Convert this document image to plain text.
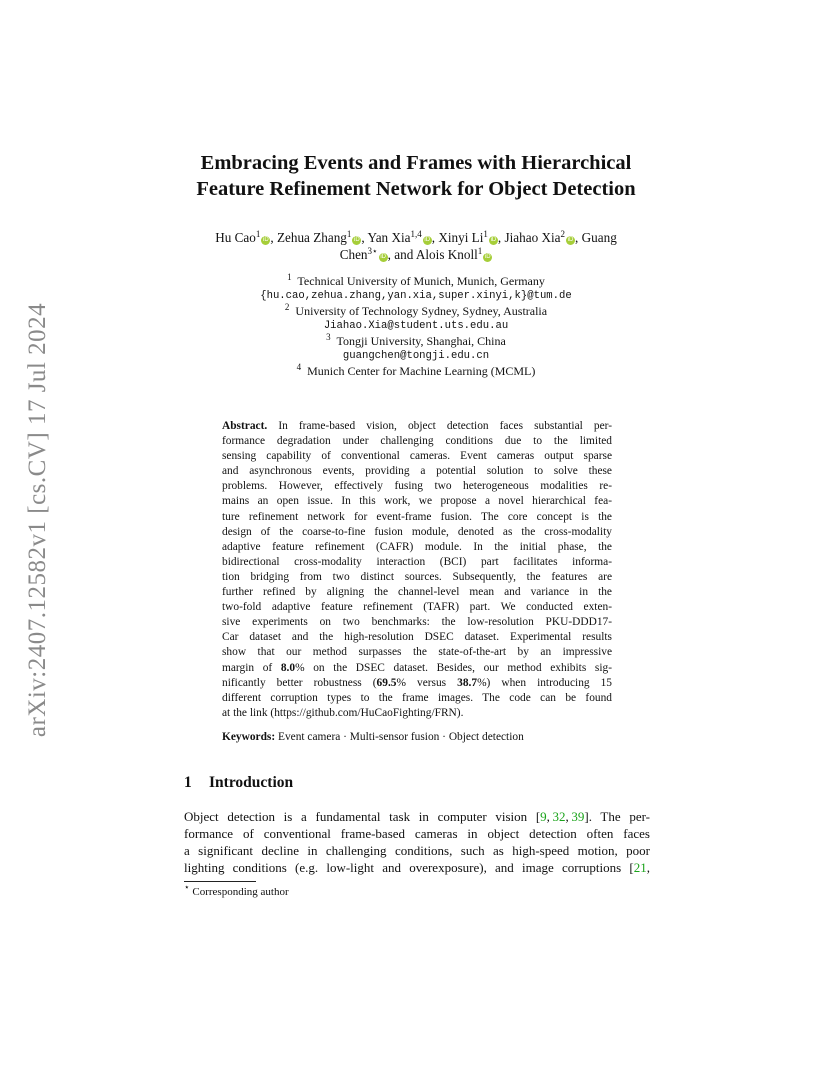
arXiv:2407.12582v1 [cs.CV] 17 Jul 2024
Embracing Events and Frames with Hierarchical
Feature Refinement Network for Object Detection
Hu Cao$^1$iD , Zehua Zhang$^1$iD , Yan Xia$^{1,4}$iD , Xinyi Li$^1$iD , Jiahao Xia$^2$iD , Guang
Chen$^{3⋆}$iD , and Alois Knoll$^1$iD
$^1$ Technical University of Munich, Munich, Germany
{hu.cao,zehua.zhang,yan.xia,super.xinyi,k}@tum.de
$^2$ University of Technology Sydney, Sydney, Australia
Jiahao.Xia@student.uts.edu.au
$^3$ Tongji University, Shanghai, China
guangchen@tongji.edu.cn
$^4$ Munich Center for Machine Learning (MCML)
Abstract. In frame-based vision, object detection faces substantial per-
formance degradation under challenging conditions due to the limited
sensing capability of conventional cameras. Event cameras output sparse
and asynchronous events, providing a potential solution to solve these
problems. However, effectively fusing two heterogeneous modalities re-
mains an open issue. In this work, we propose a novel hierarchical fea-
ture refinement network for event-frame fusion. The core concept is the
design of the coarse-to-fine fusion module, denoted as the cross-modality
adaptive feature refinement (CAFR) module. In the initial phase, the
bidirectional cross-modality interaction (BCI) part facilitates informa-
tion bridging from two distinct sources. Subsequently, the features are
further refined by aligning the channel-level mean and variance in the
two-fold adaptive feature refinement (TAFR) part. We conducted exten-
sive experiments on two benchmarks: the low-resolution PKU-DDD17-
Car dataset and the high-resolution DSEC dataset. Experimental results
show that our method surpasses the state-of-the-art by an impressive
margin of 8.0% on the DSEC dataset. Besides, our method exhibits sig-
nificantly better robustness (69.5% versus 38.7%) when introducing 15
different corruption types to the frame images. The code can be found
at the link (https://github.com/HuCaoFighting/FRN).
Keywords: Event camera · Multi-sensor fusion · Object detection
1 Introduction
Object detection is a fundamental task in computer vision [9, 32, 39]. The per-
formance of conventional frame-based cameras in object detection often faces
a significant decline in challenging conditions, such as high-speed motion, poor
lighting conditions (e.g. low-light and overexposure), and image corruptions [21,
⋆ Corresponding author
